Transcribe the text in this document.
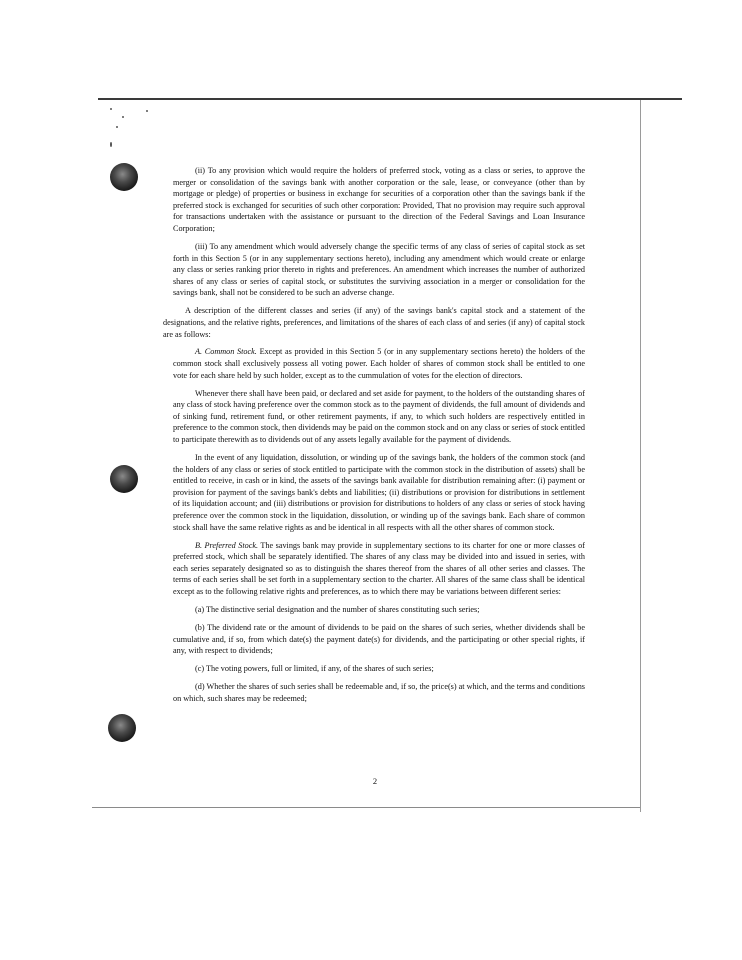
(ii) To any provision which would require the holders of preferred stock, voting as a class or series, to approve the merger or consolidation of the savings bank with another corporation or the sale, lease, or conveyance (other than by mortgage or pledge) of properties or business in exchange for securities of a corporation other than the savings bank if the preferred stock is exchanged for securities of such other corporation: Provided, That no provision may require such approval for transactions undertaken with the assistance or pursuant to the direction of the Federal Savings and Loan Insurance Corporation;

(iii) To any amendment which would adversely change the specific terms of any class of series of capital stock as set forth in this Section 5 (or in any supplementary sections hereto), including any amendment which would create or enlarge any class or series ranking prior thereto in rights and preferences. An amendment which increases the number of authorized shares of any class or series of capital stock, or substitutes the surviving association in a merger or consolidation for the savings bank, shall not be considered to be such an adverse change.

A description of the different classes and series (if any) of the savings bank's capital stock and a statement of the designations, and the relative rights, preferences, and limitations of the shares of each class of and series (if any) of capital stock are as follows:

A. Common Stock. Except as provided in this Section 5 (or in any supplementary sections hereto) the holders of the common stock shall exclusively possess all voting power. Each holder of shares of common stock shall be entitled to one vote for each share held by such holder, except as to the cummulation of votes for the election of directors.

Whenever there shall have been paid, or declared and set aside for payment, to the holders of the outstanding shares of any class of stock having preference over the common stock as to the payment of dividends, the full amount of dividends and of sinking fund, retirement fund, or other retirement payments, if any, to which such holders are respectively entitled in preference to the common stock, then dividends may be paid on the common stock and on any class or series of stock entitled to participate therewith as to dividends out of any assets legally available for the payment of dividends.

In the event of any liquidation, dissolution, or winding up of the savings bank, the holders of the common stock (and the holders of any class or series of stock entitled to participate with the common stock in the distribution of assets) shall be entitled to receive, in cash or in kind, the assets of the savings bank available for distribution remaining after: (i) payment or provision for payment of the savings bank's debts and liabilities; (ii) distributions or provision for distributions in settlement of its liquidation account; and (iii) distributions or provision for distributions to holders of any class or series of stock having preference over the common stock in the liquidation, dissolution, or winding up of the savings bank. Each share of common stock shall have the same relative rights as and be identical in all respects with all the other shares of common stock.

B. Preferred Stock. The savings bank may provide in supplementary sections to its charter for one or more classes of preferred stock, which shall be separately identified. The shares of any class may be divided into and issued in series, with each series separately designated so as to distinguish the shares thereof from the shares of all other series and classes. The terms of each series shall be set forth in a supplementary section to the charter. All shares of the same class shall be identical except as to the following relative rights and preferences, as to which there may be variations between different series:

(a) The distinctive serial designation and the number of shares constituting such series;

(b) The dividend rate or the amount of dividends to be paid on the shares of such series, whether dividends shall be cumulative and, if so, from which date(s) the payment date(s) for dividends, and the participating or other special rights, if any, with respect to dividends;

(c) The voting powers, full or limited, if any, of the shares of such series;

(d) Whether the shares of such series shall be redeemable and, if so, the price(s) at which, and the terms and conditions on which, such shares may be redeemed;

2
